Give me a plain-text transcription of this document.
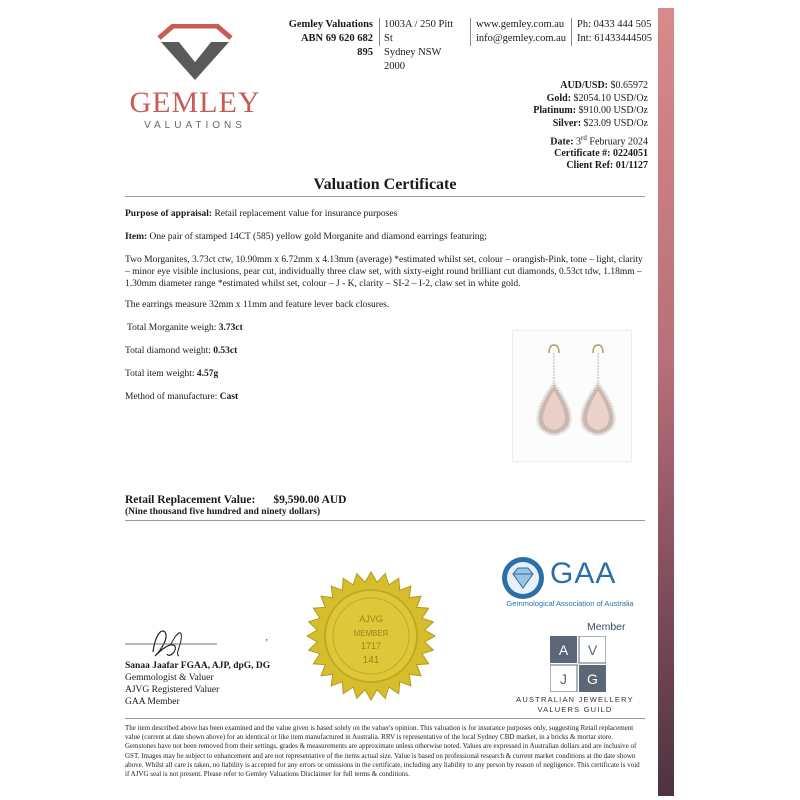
GEMLEY
VALUATIONS
Gemley Valuations
ABN 69 620 682 895
1003A / 250 Pitt St
Sydney NSW 2000
www.gemley.com.au
info@gemley.com.au
Ph: 0433 444 505
Int: 61433444505
AUD/USD: $0.65972
Gold: $2054.10 USD/Oz
Platinum: $910.00 USD/Oz
Silver: $23.09 USD/Oz
Date: 3rd February 2024
Certificate #: 0224051
Client Ref: 01/1127
Valuation Certificate
Purpose of appraisal: Retail replacement value for insurance purposes
Item: One pair of stamped 14CT (585) yellow gold Morganite and diamond earrings featuring;
Two Morganites, 3.73ct ctw, 10.90mm x 6.72mm x 4.13mm (average) *estimated whilst set, colour – orangish-Pink, tone – light, clarity – minor eye visible inclusions, pear cut, individually three claw set, with sixty-eight round brilliant cut diamonds, 0.53ct tdw, 1.18mm – 1.30mm diameter range *estimated whilst set, colour – J - K, clarity – SI-2 – I-2, claw set in white gold.
The earrings measure 32mm x 11mm and feature lever back closures.
Total Morganite weigh: 3.73ct
Total diamond weight: 0.53ct
Total item weight: 4.57g
Method of manufacture: Cast
Retail Replacement Value: $9,590.00 AUD
(Nine thousand five hundred and ninety dollars)
AJVG
MEMBER
1717
141
’
Sanaa Jaafar FGAA, AJP, dpG, DG
Gemmologist & Valuer
AJVG Registered Valuer
GAA Member
GAA
Gemmological Association of Australia
Member
A V
J G
AUSTRALIAN JEWELLERY
VALUERS GUILD
The item described above has been examined and the value given is based solely on the valuer's opinion. This valuation is for insurance purposes only, suggesting Retail replacement value (current at date shown above) for an identical or like item manufactured in Australia. RRV is representative of the local Sydney CBD market, in a bricks & mortar store. Gemstones have not been removed from their settings, grades & measurements are approximate unless otherwise noted. Values are expressed in Australian dollars and are inclusive of GST. Images may be subject to enhancement and are not representative of the items actual size. Value is based on professional research & current market conditions at the date shown above. Whilst all care is taken, no liability is accepted for any errors or omissions in the certificate, including any liability to any person by reason of negligence. This certificate is void if AJVG seal is not present. Please refer to Gemley Valuations Disclaimer for full terms & conditions.
